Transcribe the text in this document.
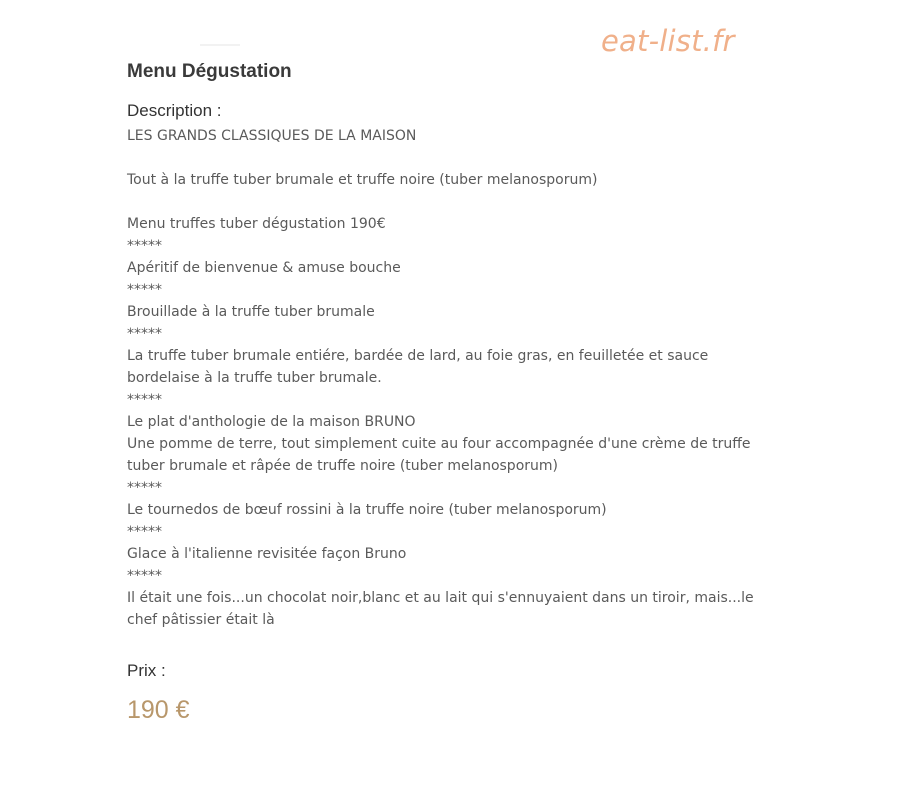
eat-list.fr
Menu Dégustation
Description :
LES GRANDS CLASSIQUES DE LA MAISON
Tout à la truffe tuber brumale et truffe noire (tuber melanosporum)
Menu truffes tuber dégustation 190€
*****
Apéritif de bienvenue & amuse bouche
*****
Brouillade à la truffe tuber brumale
*****
La truffe tuber brumale entiére, bardée de lard, au foie gras, en feuilletée et sauce
bordelaise à la truffe tuber brumale.
*****
Le plat d'anthologie de la maison BRUNO
Une pomme de terre, tout simplement cuite au four accompagnée d'une crème de truffe
tuber brumale et râpée de truffe noire (tuber melanosporum)
*****
Le tournedos de bœuf rossini à la truffe noire (tuber melanosporum)
*****
Glace à l'italienne revisitée façon Bruno
*****
Il était une fois...un chocolat noir,blanc et au lait qui s'ennuyaient dans un tiroir, mais...le
chef pâtissier était là
Prix :
190 €
